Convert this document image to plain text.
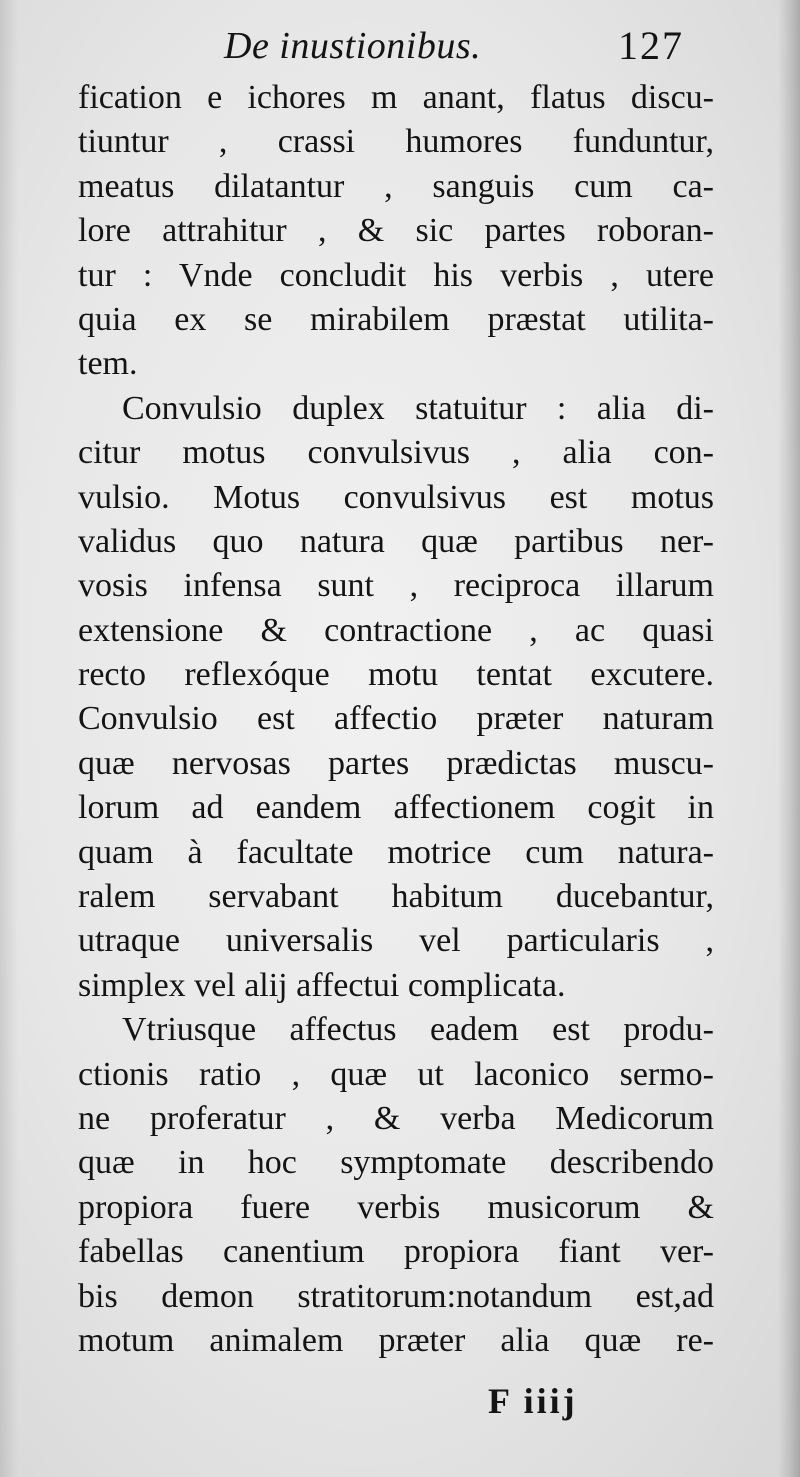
De inustionibus.	127
fication e ichores m anant, flatus discu-
tiuntur , crassi humores funduntur,
meatus dilatantur , sanguis cum ca-
lore attrahitur , & sic partes roboran-
tur : Vnde concludit his verbis , utere
quia ex se mirabilem præstat utilita-
tem.
Convulsio duplex statuitur : alia di-
citur motus convulsivus , alia con-
vulsio. Motus convulsivus est motus
validus quo natura quæ partibus ner-
vosis infensa sunt , reciproca illarum
extensione & contractione , ac quasi
recto reflexóque motu tentat excutere.
Convulsio est affectio præter naturam
quæ nervosas partes prædictas muscu-
lorum ad eandem affectionem cogit in
quam à facultate motrice cum natura-
ralem servabant habitum ducebantur,
utraque universalis vel particularis ,
simplex vel alij affectui complicata.
Vtriusque affectus eadem est produ-
ctionis ratio , quæ ut laconico sermo-
ne proferatur , & verba Medicorum
quæ in hoc symptomate describendo
propiora fuere verbis musicorum &
fabellas canentium propiora fiant ver-
bis demon stratitorum:notandum est,ad
motum animalem præter alia quæ re-
F iiij
